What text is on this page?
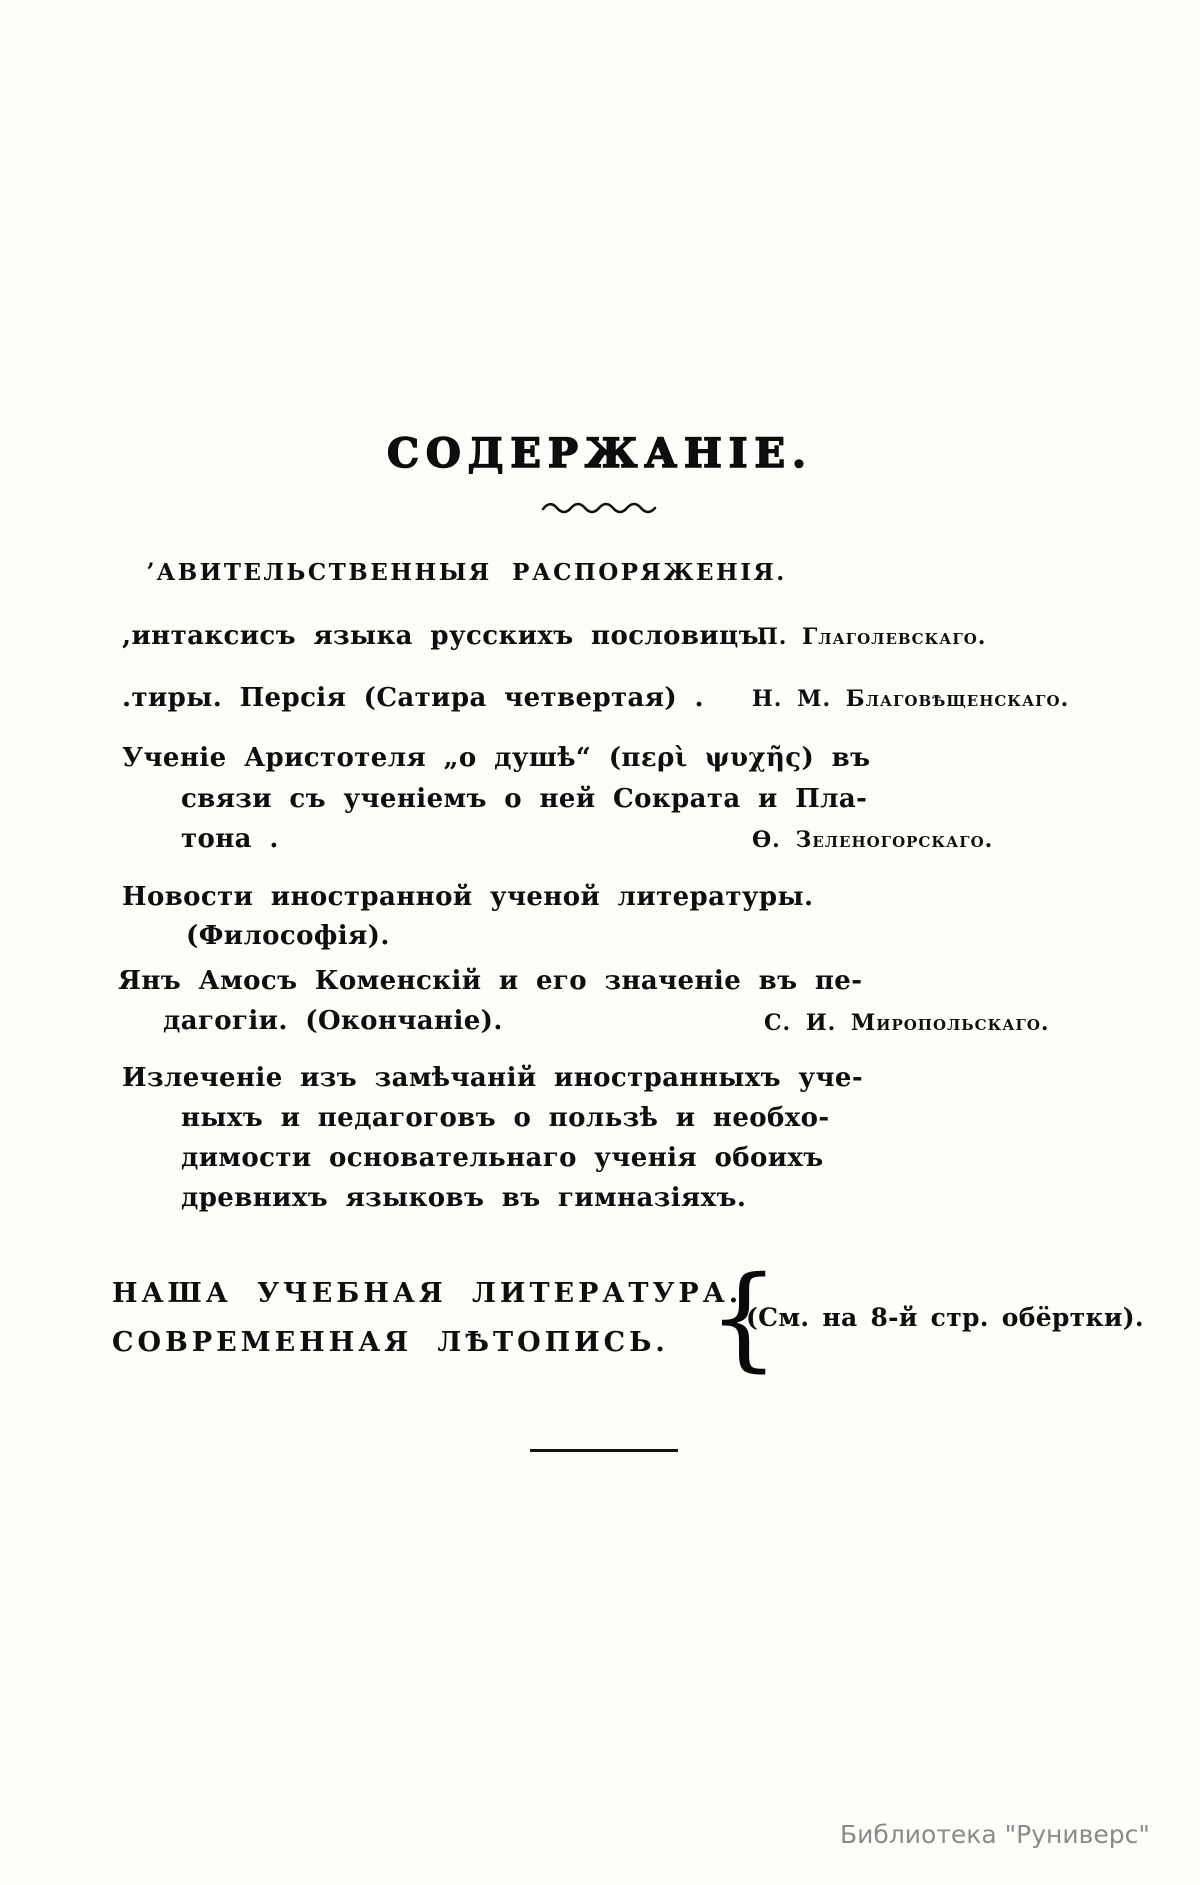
СОДЕРЖАНІЕ.
ʼАВИТЕЛЬСТВЕННЫЯ РАСПОРЯЖЕНІЯ.
,интаксисъ языка русскихъ пословицъ.
П. Глаголевскаго.
.тиры. Персія (Сатира четвертая) . Н. М. Благовѣщенскаго.
Ученіе Аристотеля „о душѣ“ (περὶ ψυχῆς) въ
связи съ ученіемъ о ней Сократа и Пла-
тона .	Ѳ. Зеленогорскаго.
Новости иностранной ученой литературы.
(Философія).
Янъ Амосъ Коменскій и его значеніе въ пе-
дагогіи. (Окончаніе).	С. И. Миропольскаго.
Излеченіе изъ замѣчаній иностранныхъ уче-
ныхъ и педагоговъ о пользѣ и необхо-
димости основательнаго ученія обоихъ
древнихъ языковъ въ гимназіяхъ.
НАША УЧЕБНАЯ ЛИТЕРАТУРА.
СОВРЕМЕННАЯ ЛѢТОПИСЬ. {
(См. на 8-й стр. обёртки).
Библиотека "Руниверс"
